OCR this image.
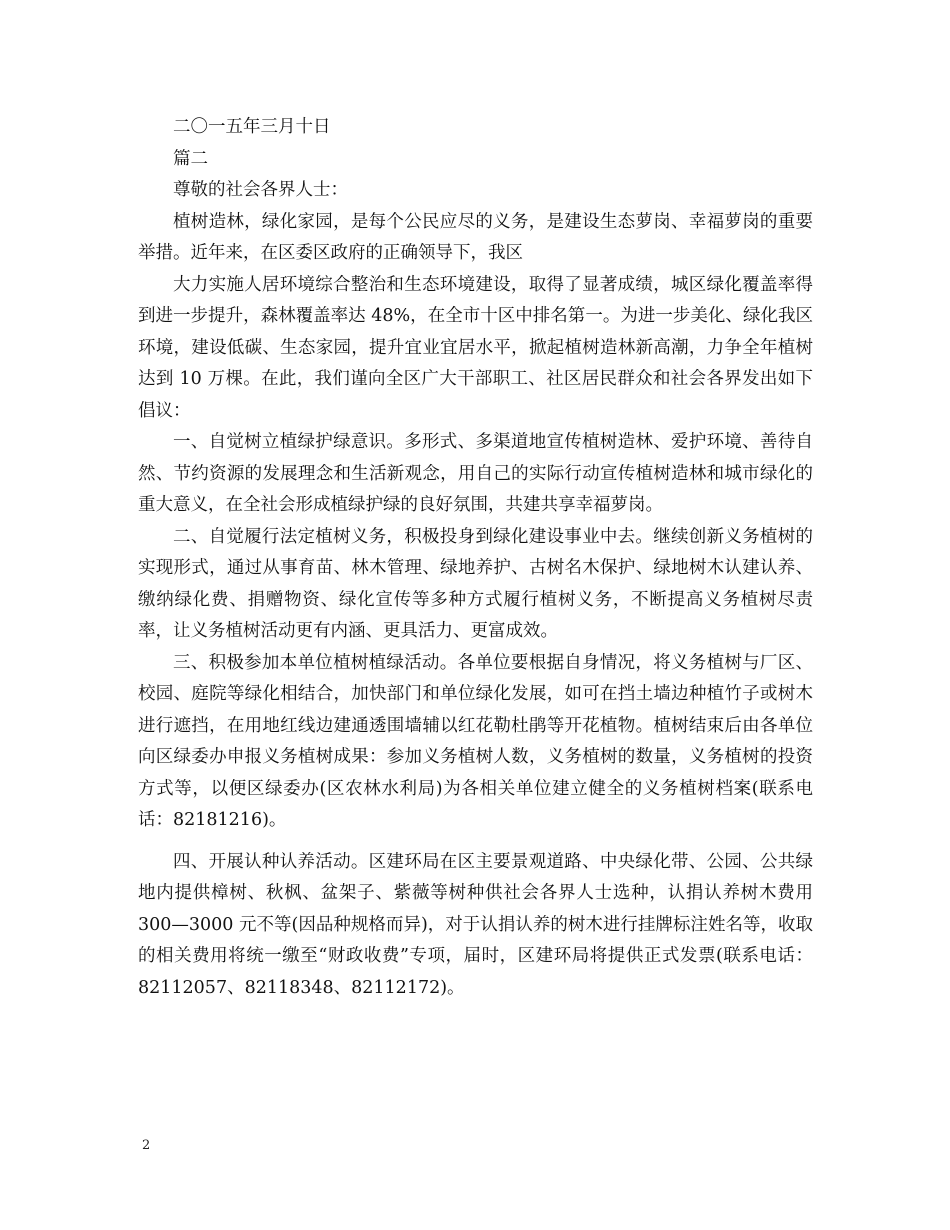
二〇一五年三月十日

篇二

尊敬的社会各界人士：

植树造林，绿化家园，是每个公民应尽的义务，是建设生态萝岗、幸福萝岗的重要举措。近年来，在区委区政府的正确领导下，我区

大力实施人居环境综合整治和生态环境建设，取得了显著成绩，城区绿化覆盖率得到进一步提升，森林覆盖率达 48%，在全市十区中排名第一。为进一步美化、绿化我区环境，建设低碳、生态家园，提升宜业宜居水平，掀起植树造林新高潮，力争全年植树达到 10 万棵。在此，我们谨向全区广大干部职工、社区居民群众和社会各界发出如下倡议：

一、自觉树立植绿护绿意识。多形式、多渠道地宣传植树造林、爱护环境、善待自然、节约资源的发展理念和生活新观念，用自己的实际行动宣传植树造林和城市绿化的重大意义，在全社会形成植绿护绿的良好氛围，共建共享幸福萝岗。

二、自觉履行法定植树义务，积极投身到绿化建设事业中去。继续创新义务植树的实现形式，通过从事育苗、林木管理、绿地养护、古树名木保护、绿地树木认建认养、缴纳绿化费、捐赠物资、绿化宣传等多种方式履行植树义务，不断提高义务植树尽责率，让义务植树活动更有内涵、更具活力、更富成效。

三、积极参加本单位植树植绿活动。各单位要根据自身情况，将义务植树与厂区、校园、庭院等绿化相结合，加快部门和单位绿化发展，如可在挡土墙边种植竹子或树木进行遮挡，在用地红线边建通透围墙辅以红花勒杜鹃等开花植物。植树结束后由各单位向区绿委办申报义务植树成果：参加义务植树人数，义务植树的数量，义务植树的投资方式等，以便区绿委办(区农林水利局)为各相关单位建立健全的义务植树档案(联系电话：82181216)。

四、开展认种认养活动。区建环局在区主要景观道路、中央绿化带、公园、公共绿地内提供樟树、秋枫、盆架子、紫薇等树种供社会各界人士选种，认捐认养树木费用 300—3000 元不等(因品种规格而异)，对于认捐认养的树木进行挂牌标注姓名等，收取的相关费用将统一缴至“财政收费”专项，届时，区建环局将提供正式发票(联系电话：82112057、82118348、82112172)。

2
